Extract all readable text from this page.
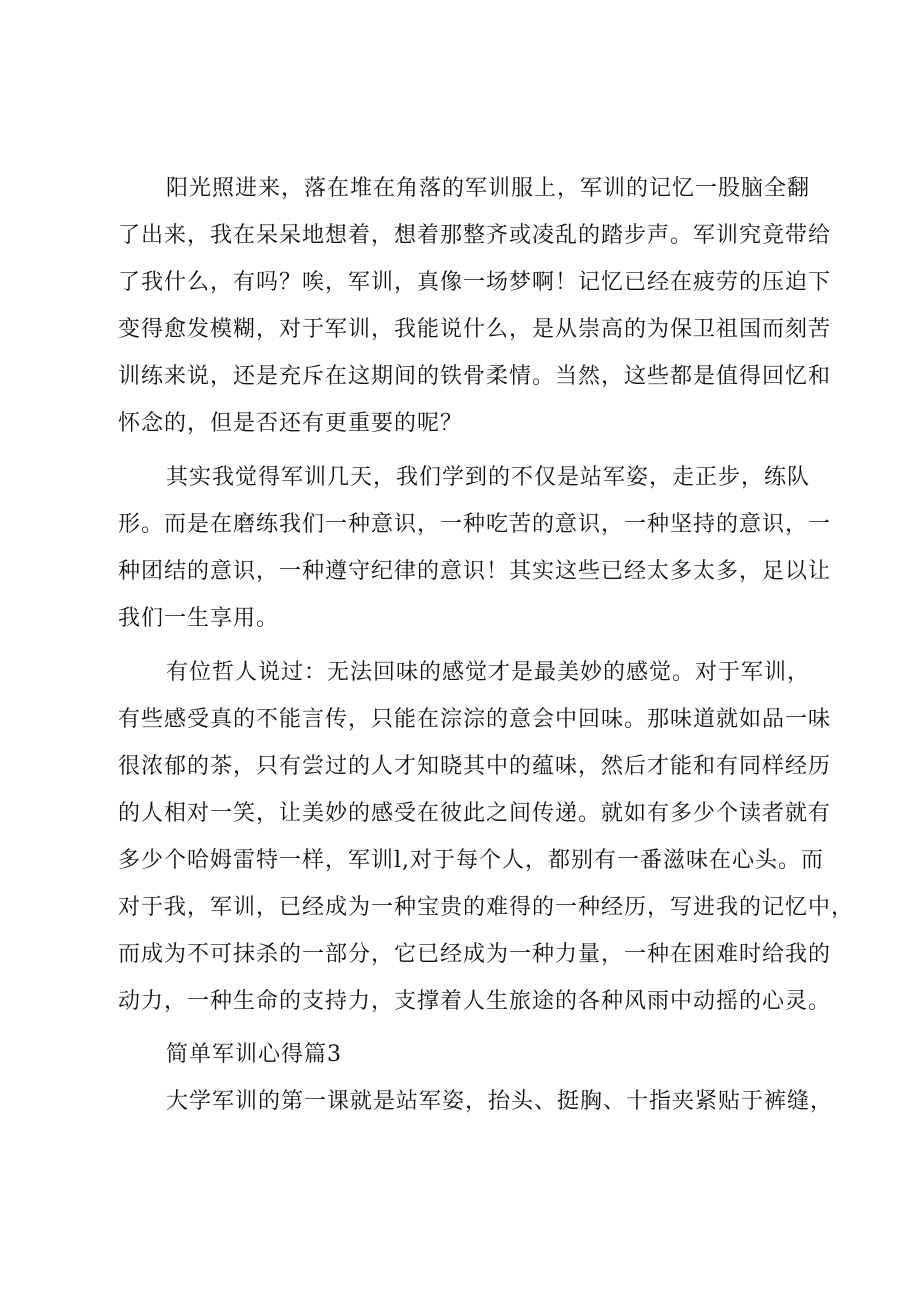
阳光照进来，落在堆在角落的军训服上，军训的记忆一股脑全翻
了出来，我在呆呆地想着，想着那整齐或凌乱的踏步声。军训究竟带给
了我什么，有吗？唉，军训，真像一场梦啊！记忆已经在疲劳的压迫下
变得愈发模糊，对于军训，我能说什么，是从崇高的为保卫祖国而刻苦
训练来说，还是充斥在这期间的铁骨柔情。当然，这些都是值得回忆和
怀念的，但是否还有更重要的呢？
其实我觉得军训几天，我们学到的不仅是站军姿，走正步，练队
形。而是在磨练我们一种意识，一种吃苦的意识，一种坚持的意识，一
种团结的意识，一种遵守纪律的意识！其实这些已经太多太多，足以让
我们一生享用。
有位哲人说过：无法回味的感觉才是最美妙的感觉。对于军训，
有些感受真的不能言传，只能在淙淙的意会中回味。那味道就如品一味
很浓郁的茶，只有尝过的人才知晓其中的蕴味，然后才能和有同样经历
的人相对一笑，让美妙的感受在彼此之间传递。就如有多少个读者就有
多少个哈姆雷特一样，军训l,对于每个人，都别有一番滋味在心头。而
对于我，军训，已经成为一种宝贵的难得的一种经历，写进我的记忆中，
而成为不可抹杀的一部分，它已经成为一种力量，一种在困难时给我的
动力，一种生命的支持力，支撑着人生旅途的各种风雨中动摇的心灵。
简单军训心得篇3
大学军训的第一课就是站军姿，抬头、挺胸、十指夹紧贴于裤缝，
